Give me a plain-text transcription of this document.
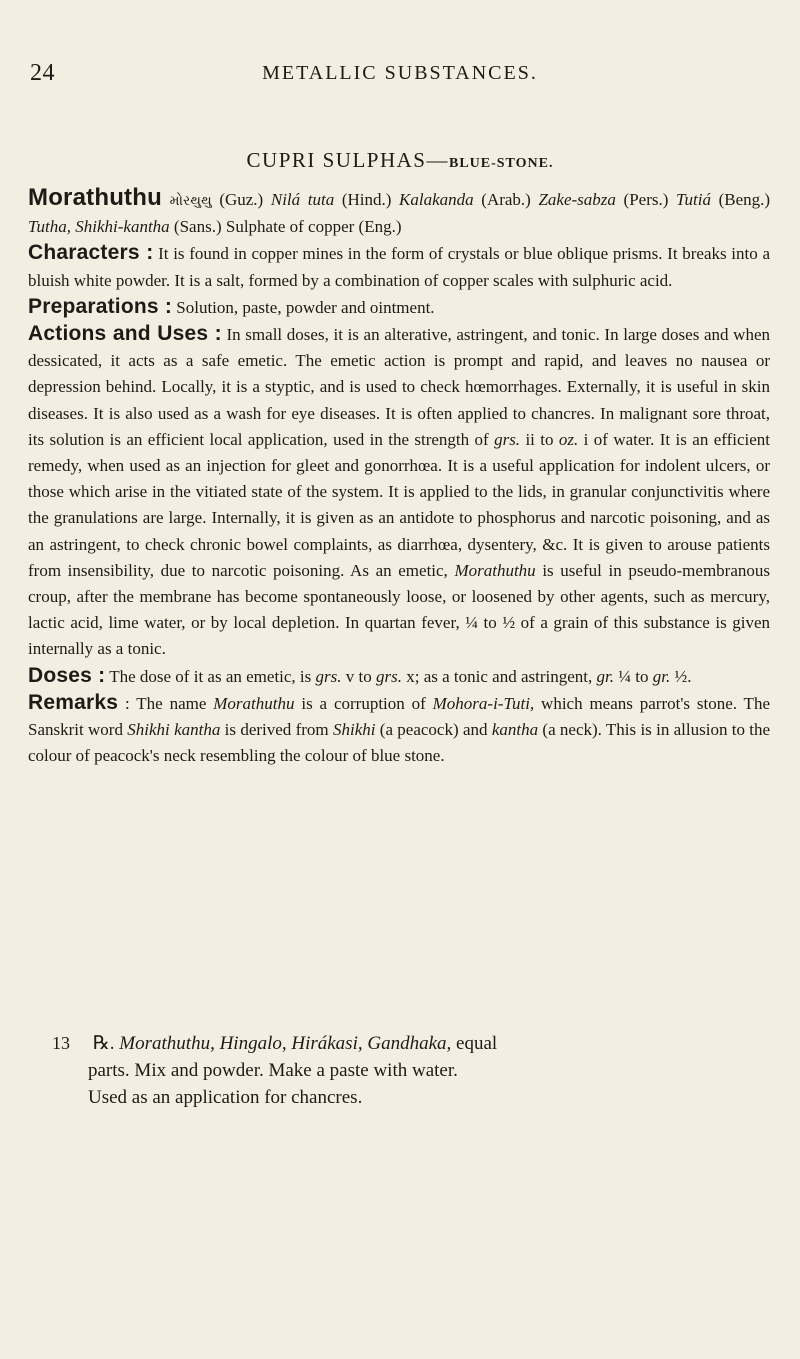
24	METALLIC SUBSTANCES.
CUPRI SULPHAS—BLUE-STONE.

Morathuthu મોરથુથુ (Guz.) Nilá tuta (Hind.) Kalakanda (Arab.) Zake-sabza (Pers.) Tutiá (Beng.) Tutha, Shikhi-kantha (Sans.) Sulphate of copper (Eng.)

Characters : It is found in copper mines in the form of crystals or blue oblique prisms. It breaks into a bluish white powder. It is a salt, formed by a combination of copper scales with sulphuric acid.

Preparations : Solution, paste, powder and ointment.

Actions and Uses : In small doses, it is an alterative, astringent, and tonic. In large doses and when dessicated, it acts as a safe emetic. The emetic action is prompt and rapid, and leaves no nausea or depression behind. Locally, it is a styptic, and is used to check hœmorrhages. Externally, it is useful in skin diseases. It is also used as a wash for eye diseases. It is often applied to chancres. In malignant sore throat, its solution is an efficient local application, used in the strength of grs. ii to oz. i of water. It is an efficient remedy, when used as an injection for gleet and gonorrhœa. It is a useful application for indolent ulcers, or those which arise in the vitiated state of the system. It is applied to the lids, in granular conjunctivitis where the granulations are large. Internally, it is given as an antidote to phosphorus and narcotic poisoning, and as an astringent, to check chronic bowel complaints, as diarrhœa, dysentery, &c. It is given to arouse patients from insensibility, due to narcotic poisoning. As an emetic, Morathuthu is useful in pseudo-membranous croup, after the membrane has become spontaneously loose, or loosened by other agents, such as mercury, lactic acid, lime water, or by local depletion. In quartan fever, ¼ to ½ of a grain of this substance is given internally as a tonic.

Doses : The dose of it as an emetic, is grs. v to grs. x; as a tonic and astringent, gr. ¼ to gr. ½.

Remarks : The name Morathuthu is a corruption of Mohora-i-Tuti, which means parrot's stone. The Sanskrit word Shikhi kantha is derived from Shikhi (a peacock) and kantha (a neck). This is in allusion to the colour of peacock's neck resembling the colour of blue stone.

13 ℞. Morathuthu, Hingalo, Hirákasi, Gandhaka, equal
parts. Mix and powder. Make a paste with water.
Used as an application for chancres.
